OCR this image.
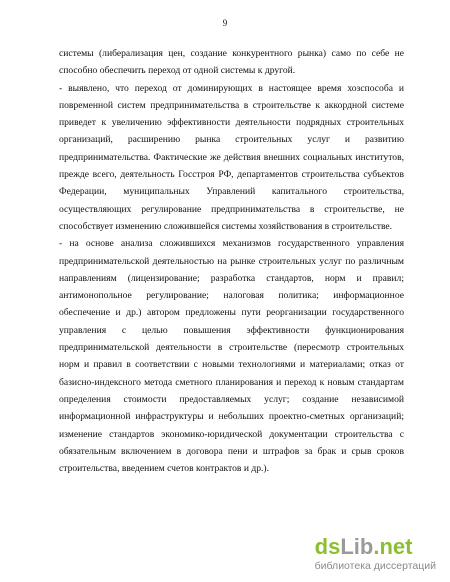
9

системы (либерализация цен, создание конкурентного рынка) само по себе не способно обеспечить переход от одной системы к другой.

- выявлено, что переход от доминирующих в настоящее время хозспособа и повременной систем предпринимательства в строительстве к аккордной системе приведет к увеличению эффективности деятельности подрядных строительных организаций, расширению рынка строительных услуг и развитию предпринимательства. Фактические же действия внешних социальных институтов, прежде всего, деятельность Госстроя РФ, департаментов строительства субъектов Федерации, муниципальных Управлений капитального строительства, осуществляющих регулирование предпринимательства в строительстве, не способствует изменению сложившейся системы хозяйствования в строительстве.

- на основе анализа сложившихся механизмов государственного управления предпринимательской деятельностью на рынке строительных услуг по различным направлениям (лицензирование; разработка стандартов, норм и правил; антимонопольное регулирование; налоговая политика; информационное обеспечение и др.) автором предложены пути реорганизации государственного управления с целью повышения эффективности функционирования предпринимательской деятельности в строительстве (пересмотр строительных норм и правил в соответствии с новыми технологиями и материалами; отказ от базисно-индексного метода сметного планирования и переход к новым стандартам определения стоимости предоставляемых услуг; создание независимой информационной инфраструктуры и небольших проектно-сметных организаций; изменение стандартов экономико-юридической документации строительства с обязательным включением в договора пени и штрафов за брак и срыв сроков строительства, введением счетов контрактов и др.).

dsLib.net
библиотека диссертаций
